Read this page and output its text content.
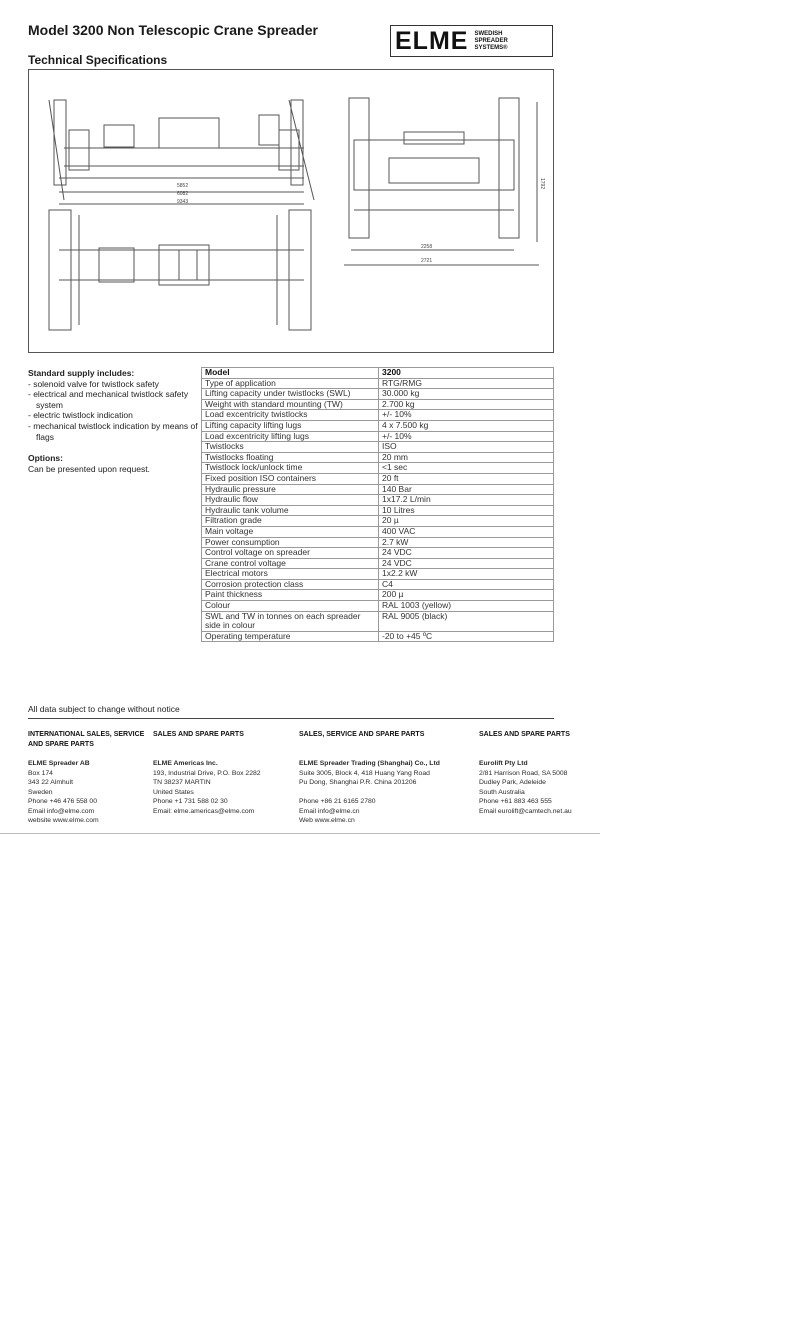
Model 3200 Non Telescopic Crane Spreader
Technical Specifications
ELME SWEDISH
SPREADER
SYSTEMS®
5852
6082
9343
2258
2721
1792
Standard supply includes:
- solenoid valve for twistlock safety
- electrical and mechanical twistlock safety system
- electric twistlock indication
- mechanical twistlock indication by means of flags
Options:
Can be presented upon request.
Model	3200
Type of application	RTG/RMG
Lifting capacity under twistlocks (SWL)	30.000 kg
Weight with standard mounting (TW)	2.700 kg
Load excentricity twistlocks	+/- 10%
Lifting capacity lifting lugs	4 x 7.500 kg
Load excentricity lifting lugs	+/- 10%
Twistlocks	ISO
Twistlocks floating	20 mm
Twistlock lock/unlock time	<1 sec
Fixed position ISO containers	20 ft
Hydraulic pressure	140 Bar
Hydraulic flow	1x17.2 L/min
Hydraulic tank volume	10 Litres
Filtration grade	20 µ
Main voltage	400 VAC
Power consumption	2.7 kW
Control voltage on spreader	24 VDC
Crane control voltage	24 VDC
Electrical motors	1x2.2 kW
Corrosion protection class	C4
Paint thickness	200 µ
Colour	RAL 1003 (yellow)
SWL and TW in tonnes on each spreader side in colour	RAL 9005 (black)
Operating temperature	-20 to +45 ºC
All data subject to change without notice
INTERNATIONAL SALES, SERVICE AND SPARE PARTS
ELME Spreader AB
Box 174
343 22 Almhult
Sweden
Phone +46 476 558 00
Email info@elme.com
website www.elme.com
SALES AND SPARE PARTS
ELME Americas Inc.
193, Industrial Drive, P.O. Box 2282
TN 38237 MARTIN
United States
Phone +1 731 588 02 30
Email: elme.americas@elme.com
SALES, SERVICE AND SPARE PARTS
ELME Spreader Trading (Shanghai) Co., Ltd
Suite 3005, Block 4, 418 Huang Yang Road
Pu Dong, Shanghai P.R. China 201206

Phone +86 21 6165 2780
Email info@elme.cn
Web www.elme.cn
SALES AND SPARE PARTS
Eurolift Pty Ltd
2/81 Harrison Road, SA 5008
Dudley Park, Adeleide
South Australia
Phone +61 883 463 555
Email eurolift@camtech.net.au
